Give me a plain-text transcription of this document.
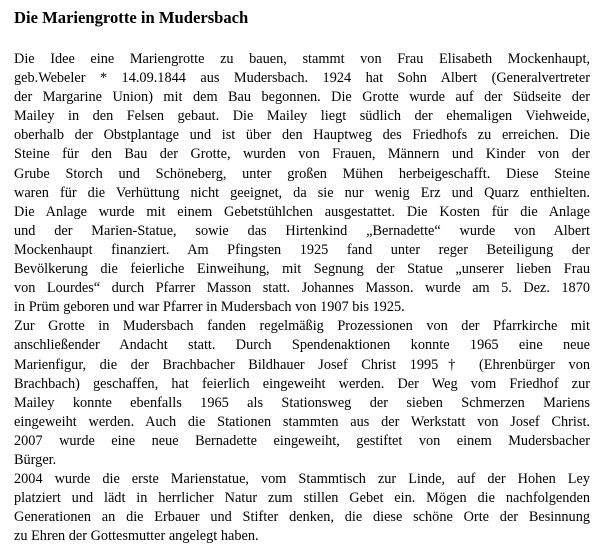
Die Mariengrotte in Mudersbach
Die Idee eine Mariengrotte zu bauen, stammt von Frau Elisabeth Mockenhaupt,
geb.Webeler * 14.09.1844 aus Mudersbach. 1924 hat Sohn Albert (Generalvertreter
der Margarine Union) mit dem Bau begonnen. Die Grotte wurde auf der Südseite der
Mailey in den Felsen gebaut. Die Mailey liegt südlich der ehemaligen Viehweide,
oberhalb der Obstplantage und ist über den Hauptweg des Friedhofs zu erreichen. Die
Steine für den Bau der Grotte, wurden von Frauen, Männern und Kinder von der
Grube Storch und Schöneberg, unter großen Mühen herbeigeschafft. Diese Steine
waren für die Verhüttung nicht geeignet, da sie nur wenig Erz und Quarz enthielten.
Die Anlage wurde mit einem Gebetstühlchen ausgestattet. Die Kosten für die Anlage
und der Marien-Statue, sowie das Hirtenkind „Bernadette“ wurde von Albert
Mockenhaupt finanziert. Am Pfingsten 1925 fand unter reger Beteiligung der
Bevölkerung die feierliche Einweihung, mit Segnung der Statue „unserer lieben Frau
von Lourdes“ durch Pfarrer Masson statt. Johannes Masson. wurde am 5. Dez. 1870
in Prüm geboren und war Pfarrer in Mudersbach von 1907 bis 1925.
Zur Grotte in Mudersbach fanden regelmäßig Prozessionen von der Pfarrkirche mit
anschließender Andacht statt. Durch Spendenaktionen konnte 1965 eine neue
Marienfigur, die der Brachbacher Bildhauer Josef Christ 1995† (Ehrenbürger von
Brachbach) geschaffen, hat feierlich eingeweiht werden. Der Weg vom Friedhof zur
Mailey konnte ebenfalls 1965 als Stationsweg der sieben Schmerzen Mariens
eingeweiht werden. Auch die Stationen stammten aus der Werkstatt von Josef Christ.
2007 wurde eine neue Bernadette eingeweiht, gestiftet von einem Mudersbacher
Bürger.
2004 wurde die erste Marienstatue, vom Stammtisch zur Linde, auf der Hohen Ley
platziert und lädt in herrlicher Natur zum stillen Gebet ein. Mögen die nachfolgenden
Generationen an die Erbauer und Stifter denken, die diese schöne Orte der Besinnung
zu Ehren der Gottesmutter angelegt haben.
